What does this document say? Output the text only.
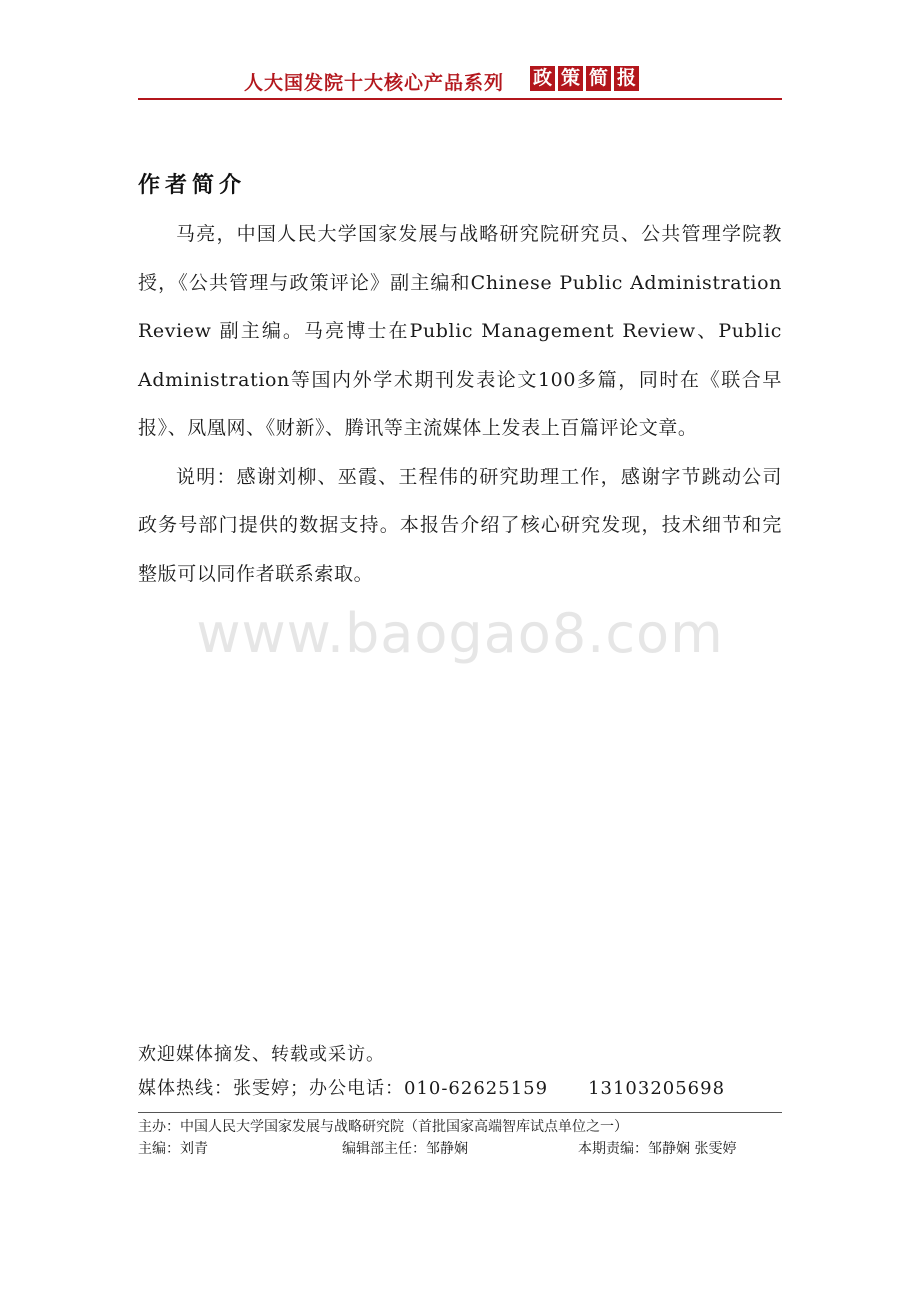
人大国发院十大核心产品系列 政 策 简 报
作者简介

马亮，中国人民大学国家发展与战略研究院研究员、公共管理学院教授，《公共管理与政策评论》副主编和Chinese Public Administration Review 副主编。马亮博士在Public Management Review、Public Administration等国内外学术期刊发表论文100多篇，同时在《联合早报》、凤凰网、《财新》、腾讯等主流媒体上发表上百篇评论文章。

说明：感谢刘柳、巫霞、王程伟的研究助理工作，感谢字节跳动公司政务号部门提供的数据支持。本报告介绍了核心研究发现，技术细节和完整版可以同作者联系索取。

www.baogao8.com
欢迎媒体摘发、转载或采访。
媒体热线：张雯婷；办公电话：010-62625159 13103205698
主办：中国人民大学国家发展与战略研究院（首批国家高端智库试点单位之一）
主编：刘青	编辑部主任：邹静娴	本期责编：邹静娴 张雯婷
